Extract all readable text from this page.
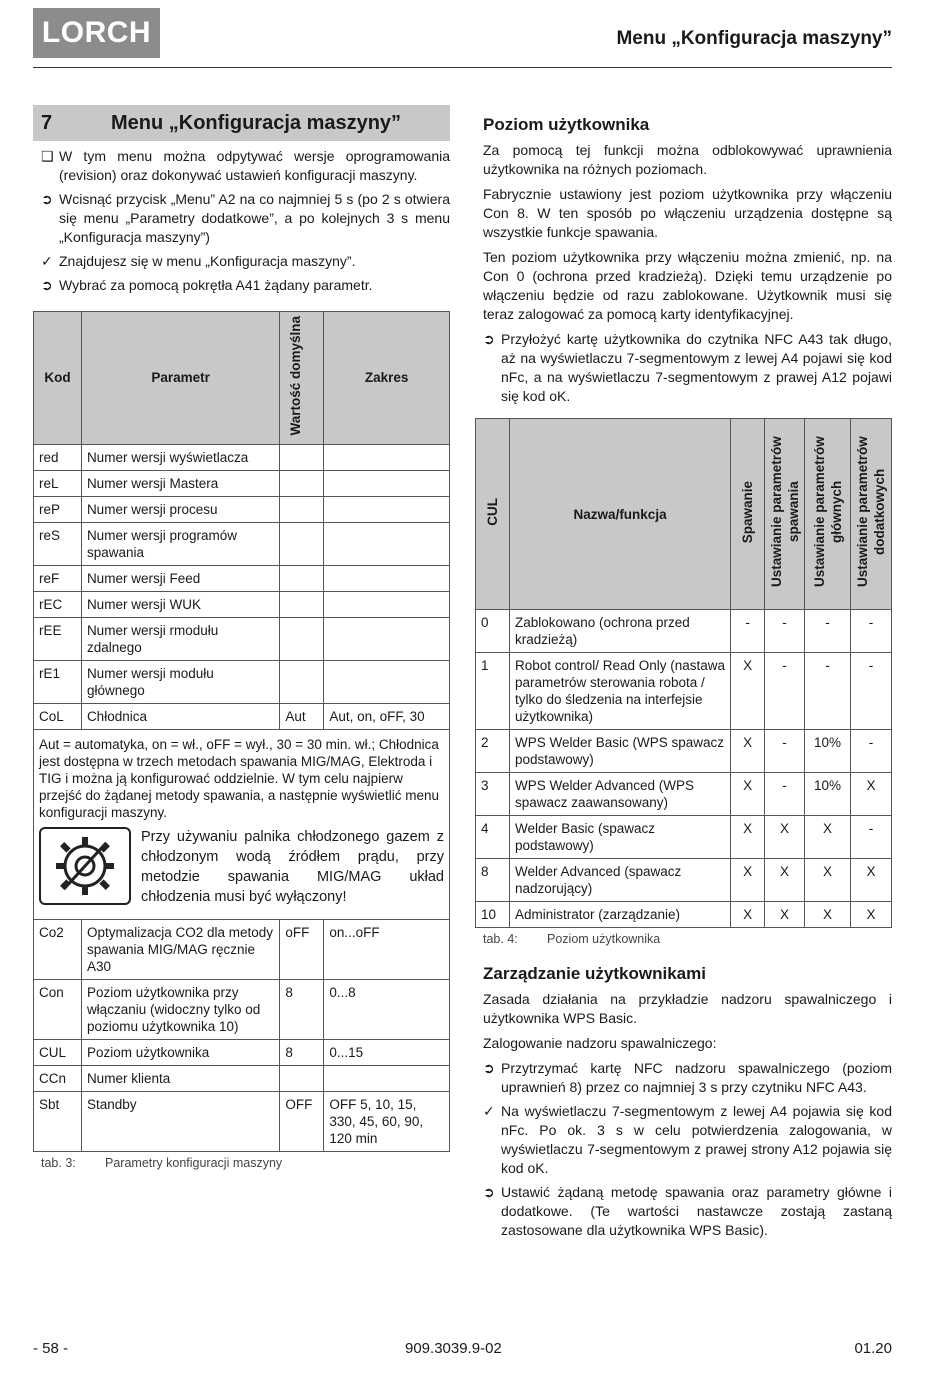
LORCH	Menu „Konfiguracja maszyny”
7	Menu „Konfiguracja maszyny”
❑ W tym menu można odpytywać wersje oprogramowania (revision) oraz dokonywać ustawień konfiguracji maszyny.
➲ Wcisnąć przycisk „Menu” A2 na co najmniej 5 s (po 2 s otwiera się menu „Parametry dodatkowe”, a po kolejnych 3 s menu „Konfiguracja maszyny”)
✓ Znajdujesz się w menu „Konfiguracja maszyny”.
➲ Wybrać za pomocą pokrętła A41 żądany parametr.
Kod	Parametr	Wartość domyślna	Zakres
red	Numer wersji wyświetlacza		
reL	Numer wersji Mastera		
reP	Numer wersji procesu		
reS	Numer wersji programów spawania		
reF	Numer wersji Feed		
rEC	Numer wersji WUK		
rEE	Numer wersji rmodułu zdalnego		
rE1	Numer wersji modułu głównego		
CoL	Chłodnica	Aut	Aut, on, oFF, 30

Aut = automatyka, on = wł., oFF = wył., 30 = 30 min. wł.; Chłodnica jest dostępna w trzech metodach spawania MIG/MAG, Elektroda i TIG i można ją konfigurować oddzielnie. W tym celu najpierw przejść do żądanej metody spawania, a następnie wyświetlić menu konfiguracji maszyny.
Przy używaniu palnika chłodzonego gazem z chłodzonym wodą źródłem prądu, przy metodzie spawania MIG/MAG układ chłodzenia musi być wyłączony!			

Co2	Optymalizacja CO2 dla metody spawania MIG/MAG ręcznie A30	oFF	on...oFF
Con	Poziom użytkownika przy włączaniu (widoczny tylko od poziomu użytkownika 10)	8	0...8
CUL	Poziom użytkownika	8	0...15
CCn	Numer klienta		
Sbt	Standby	OFF	OFF 5, 10, 15, 330, 45, 60, 90, 120 min
tab. 3:	Parametry konfiguracji maszyny
Poziom użytkownika

Za pomocą tej funkcji można odblokowywać uprawnienia użytkownika na różnych poziomach.

Fabrycznie ustawiony jest poziom użytkownika przy włączeniu Con 8. W ten sposób po włączeniu urządzenia dostępne są wszystkie funkcje spawania.

Ten poziom użytkownika przy włączeniu można zmienić, np. na Con 0 (ochrona przed kradzieżą). Dzięki temu urządzenie po włączeniu będzie od razu zablokowane. Użytkownik musi się teraz zalogować za pomocą karty identyfikacyjnej.

➲ Przyłożyć kartę użytkownika do czytnika NFC A43 tak długo, aż na wyświetlaczu 7-segmentowym z lewej A4 pojawi się kod nFc, a na wyświetlaczu 7-segmentowym z prawej A12 pojawi się kod oK.
CUL	Nazwa/funkcja	Spawanie	Ustawianie parametrów spawania	Ustawianie parametrów głównych	Ustawianie parametrów dodatkowych
0	Zablokowano (ochrona przed kradzieżą)	-	-	-	-
1	Robot control/ Read Only (nastawa parametrów sterowania robota / tylko do śledzenia na interfejsie użytkownika)	X	-	-	-
2	WPS Welder Basic (WPS spawacz podstawowy)	X	-	10%	-
3	WPS Welder Advanced (WPS spawacz zaawansowany)	X	-	10%	X
4	Welder Basic (spawacz podstawowy)	X	X	X	-
8	Welder Advanced (spawacz nadzorujący)	X	X	X	X
10	Administrator (zarządzanie)	X	X	X	X
tab. 4:	Poziom użytkownika
Zarządzanie użytkownikami

Zasada działania na przykładzie nadzoru spawalniczego i użytkownika WPS Basic.

Zalogowanie nadzoru spawalniczego:

➲ Przytrzymać kartę NFC nadzoru spawalniczego (poziom uprawnień 8) przez co najmniej 3 s przy czytniku NFC A43.
✓ Na wyświetlaczu 7-segmentowym z lewej A4 pojawia się kod nFc. Po ok. 3 s w celu potwierdzenia zalogowania, w wyświetlaczu 7-segmentowym z prawej strony A12 pojawia się kod oK.
➲ Ustawić żądaną metodę spawania oraz parametry główne i dodatkowe. (Te wartości nastawcze zostają zastaną zastosowane dla użytkownika WPS Basic).
- 58 -	909.3039.9-02	01.20
